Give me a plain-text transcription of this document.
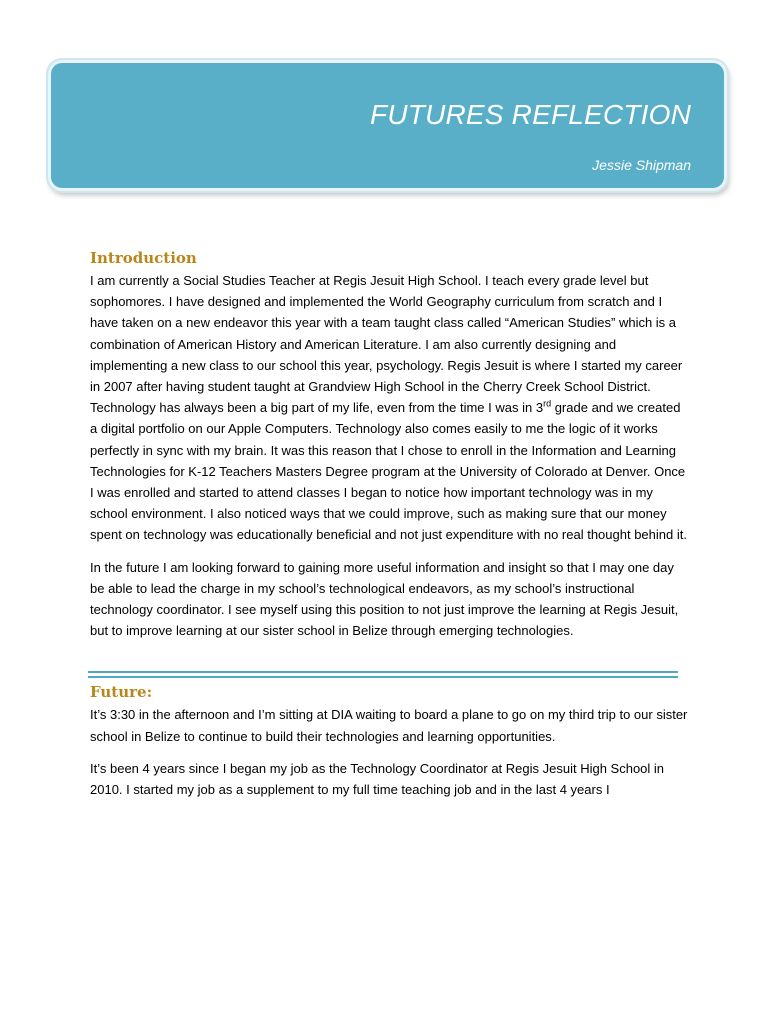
FUTURES REFLECTION
Jessie Shipman
Introduction

I am currently a Social Studies Teacher at Regis Jesuit High School. I teach every grade level but sophomores. I have designed and implemented the World Geography curriculum from scratch and I have taken on a new endeavor this year with a team taught class called “American Studies” which is a combination of American History and American Literature. I am also currently designing and implementing a new class to our school this year, psychology. Regis Jesuit is where I started my career in 2007 after having student taught at Grandview High School in the Cherry Creek School District. Technology has always been a big part of my life, even from the time I was in 3rd grade and we created a digital portfolio on our Apple Computers. Technology also comes easily to me the logic of it works perfectly in sync with my brain. It was this reason that I chose to enroll in the Information and Learning Technologies for K-12 Teachers Masters Degree program at the University of Colorado at Denver. Once I was enrolled and started to attend classes I began to notice how important technology was in my school environment. I also noticed ways that we could improve, such as making sure that our money spent on technology was educationally beneficial and not just expenditure with no real thought behind it.

In the future I am looking forward to gaining more useful information and insight so that I may one day be able to lead the charge in my school’s technological endeavors, as my school’s instructional technology coordinator. I see myself using this position to not just improve the learning at Regis Jesuit, but to improve learning at our sister school in Belize through emerging technologies.

Future:

It’s 3:30 in the afternoon and I’m sitting at DIA waiting to board a plane to go on my third trip to our sister school in Belize to continue to build their technologies and learning opportunities.

It’s been 4 years since I began my job as the Technology Coordinator at Regis Jesuit High School in 2010. I started my job as a supplement to my full time teaching job and in the last 4 years I
